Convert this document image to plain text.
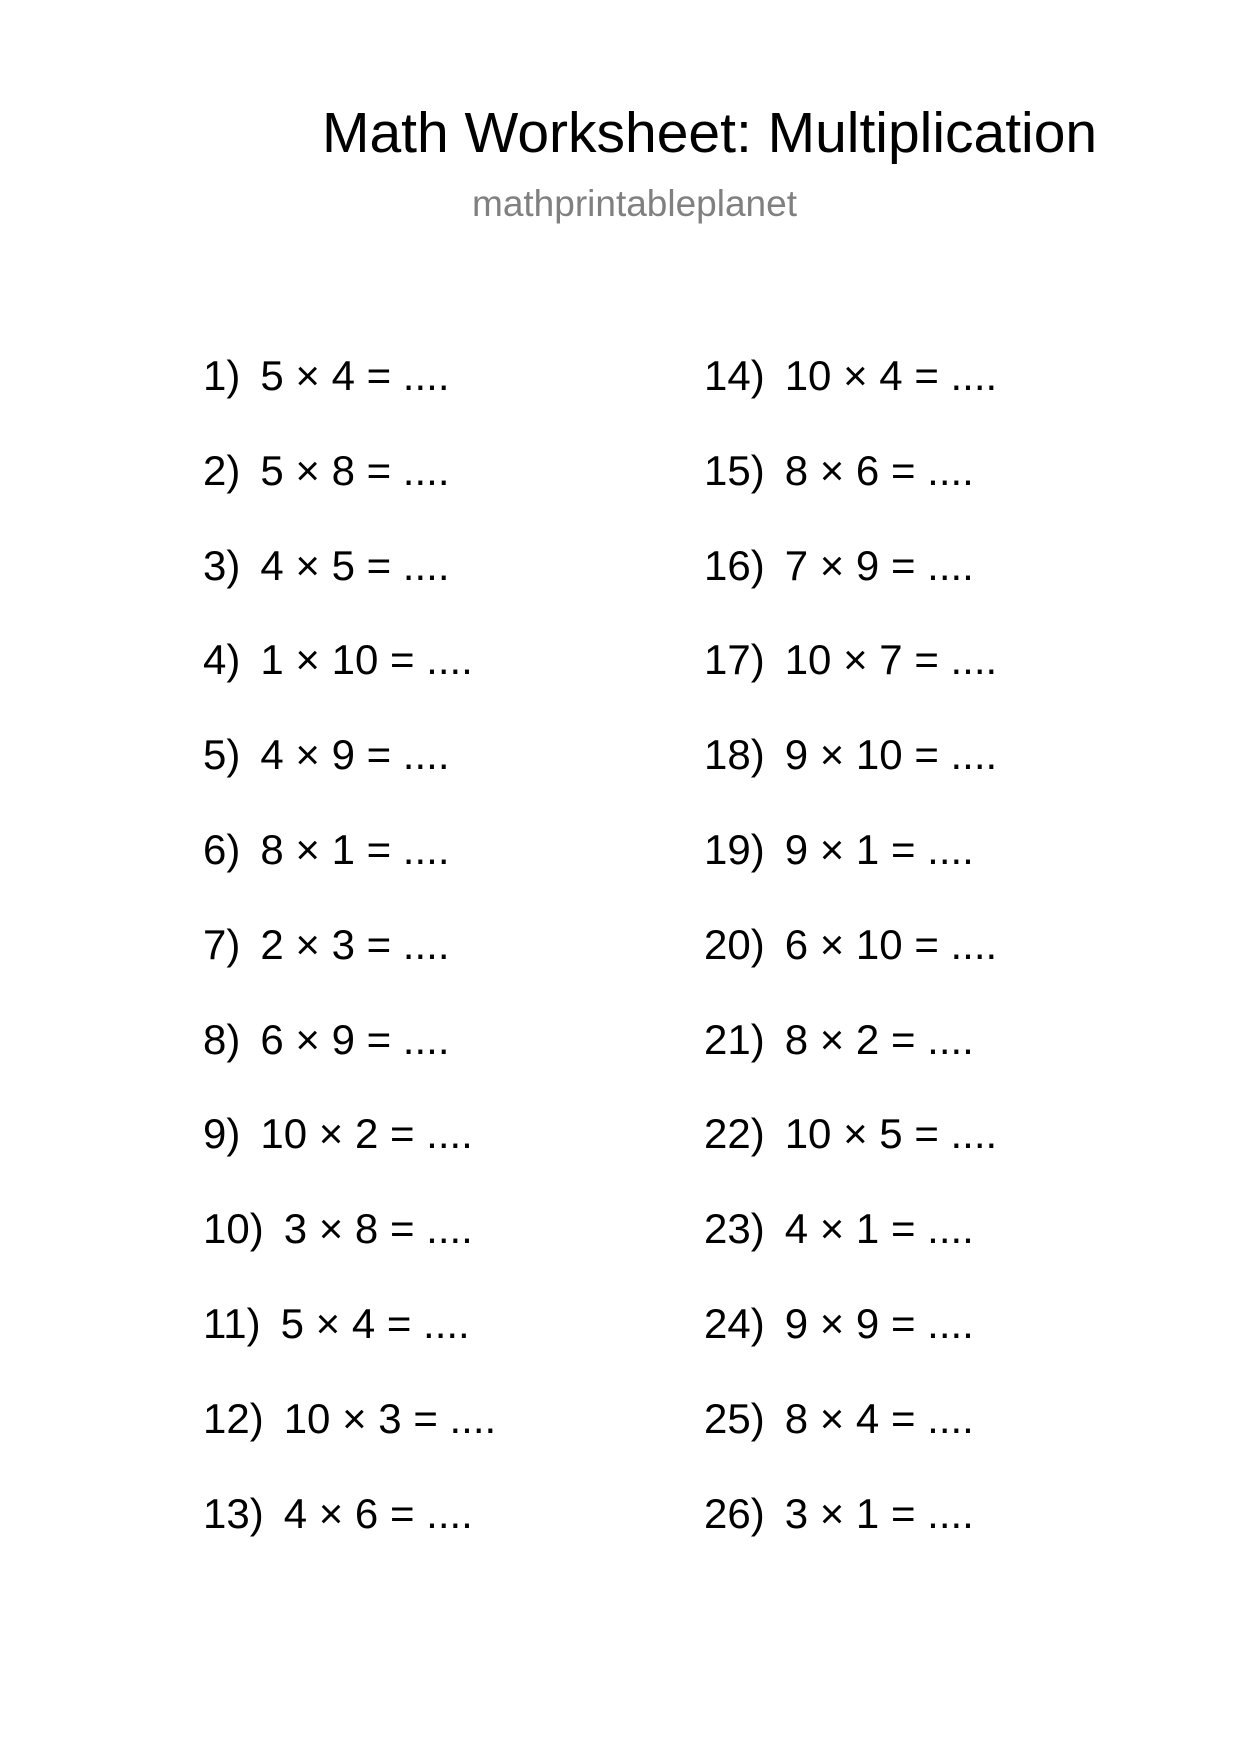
Math Worksheet: Multiplication
mathprintableplanet
1) 5 × 4 = ....
2) 5 × 8 = ....
3) 4 × 5 = ....
4) 1 × 10 = ....
5) 4 × 9 = ....
6) 8 × 1 = ....
7) 2 × 3 = ....
8) 6 × 9 = ....
9) 10 × 2 = ....
10) 3 × 8 = ....
11) 5 × 4 = ....
12) 10 × 3 = ....
13) 4 × 6 = ....
14) 10 × 4 = ....
15) 8 × 6 = ....
16) 7 × 9 = ....
17) 10 × 7 = ....
18) 9 × 10 = ....
19) 9 × 1 = ....
20) 6 × 10 = ....
21) 8 × 2 = ....
22) 10 × 5 = ....
23) 4 × 1 = ....
24) 9 × 9 = ....
25) 8 × 4 = ....
26) 3 × 1 = ....
